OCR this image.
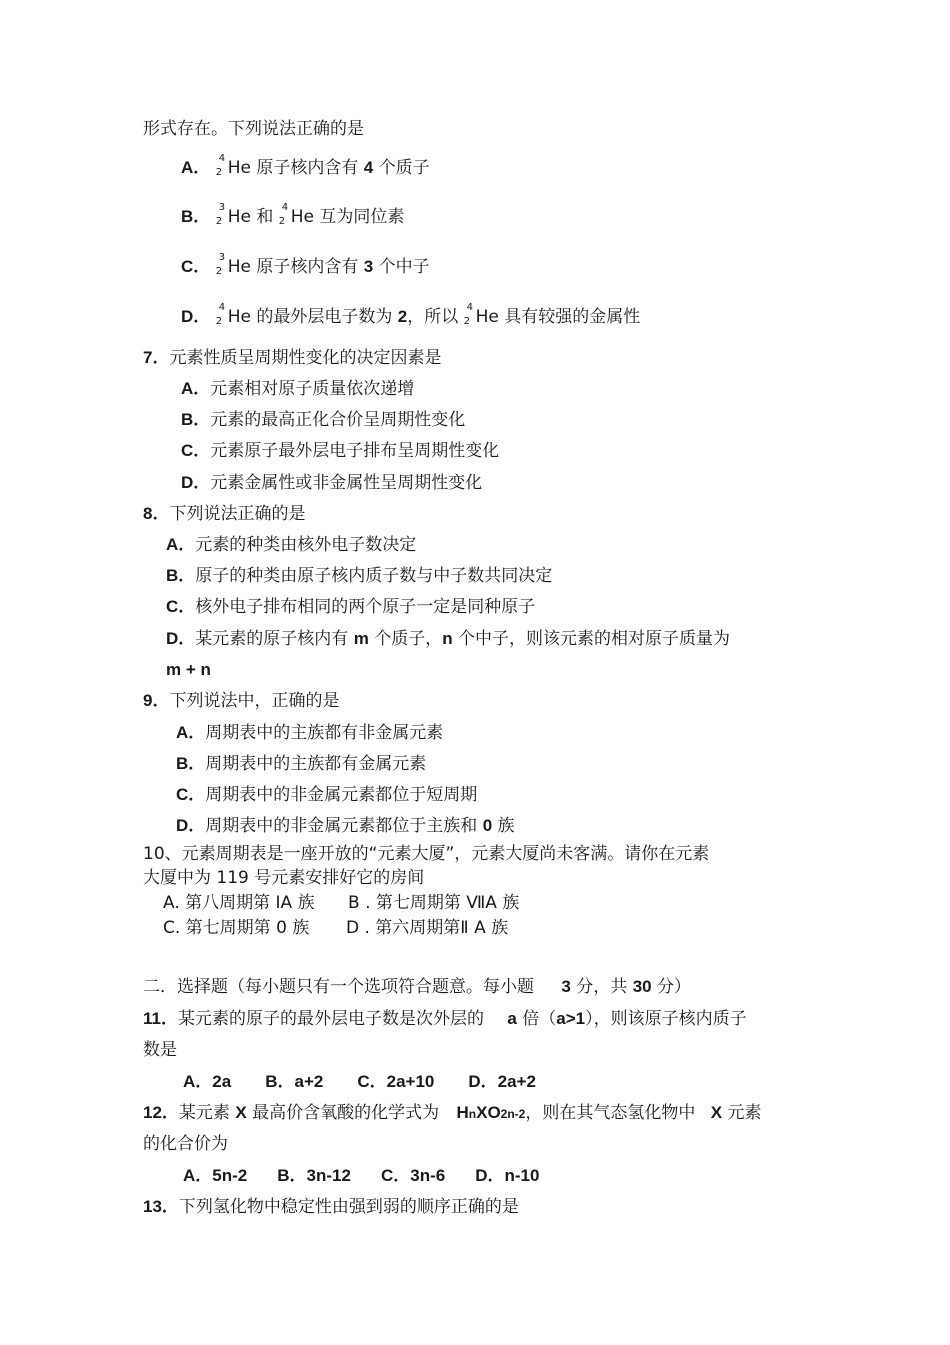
形式存在。下列说法正确的是
A． 4
2 He 原子核内含有 4 个质子
B． 3
2 He 和 4
2 He 互为同位素
C． 3
2 He 原子核内含有 3 个中子
D． 4
2 He 的最外层电子数为 2，所以 4
2 He 具有较强的金属性
7．元素性质呈周期性变化的决定因素是
A．元素相对原子质量依次递增
B．元素的最高正化合价呈周期性变化
C．元素原子最外层电子排布呈周期性变化
D．元素金属性或非金属性呈周期性变化
8．下列说法正确的是
A．元素的种类由核外电子数决定
B．原子的种类由原子核内质子数与中子数共同决定
C．核外电子排布相同的两个原子一定是同种原子
D．某元素的原子核内有 m 个质子，n 个中子，则该元素的相对原子质量为
m + n
9．下列说法中，正确的是
A．周期表中的主族都有非金属元素
B．周期表中的主族都有金属元素
C．周期表中的非金属元素都位于短周期
D．周期表中的非金属元素都位于主族和 0 族
10、元素周期表是一座开放的“元素大厦”，元素大厦尚未客满。请你在元素
大厦中为 119 号元素安排好它的房间
A. 第八周期第 IA 族 B . 第七周期第 ⅦA 族
C. 第七周期第 0 族 D . 第六周期第Ⅱ A 族
二．选择题（每小题只有一个选项符合题意。每小题 3 分，共 30 分）
11．某元素的原子的最外层电子数是次外层的 a 倍（a>1），则该原子核内质子
数是
A．2a B．a+2 C．2a+10 D．2a+2
12．某元素 X 最高价含氧酸的化学式为 HnXO2n-2，则在其气态氢化物中 X 元素
的化合价为
A．5n-2 B．3n-12 C．3n-6 D．n-10
13．下列氢化物中稳定性由强到弱的顺序正确的是
